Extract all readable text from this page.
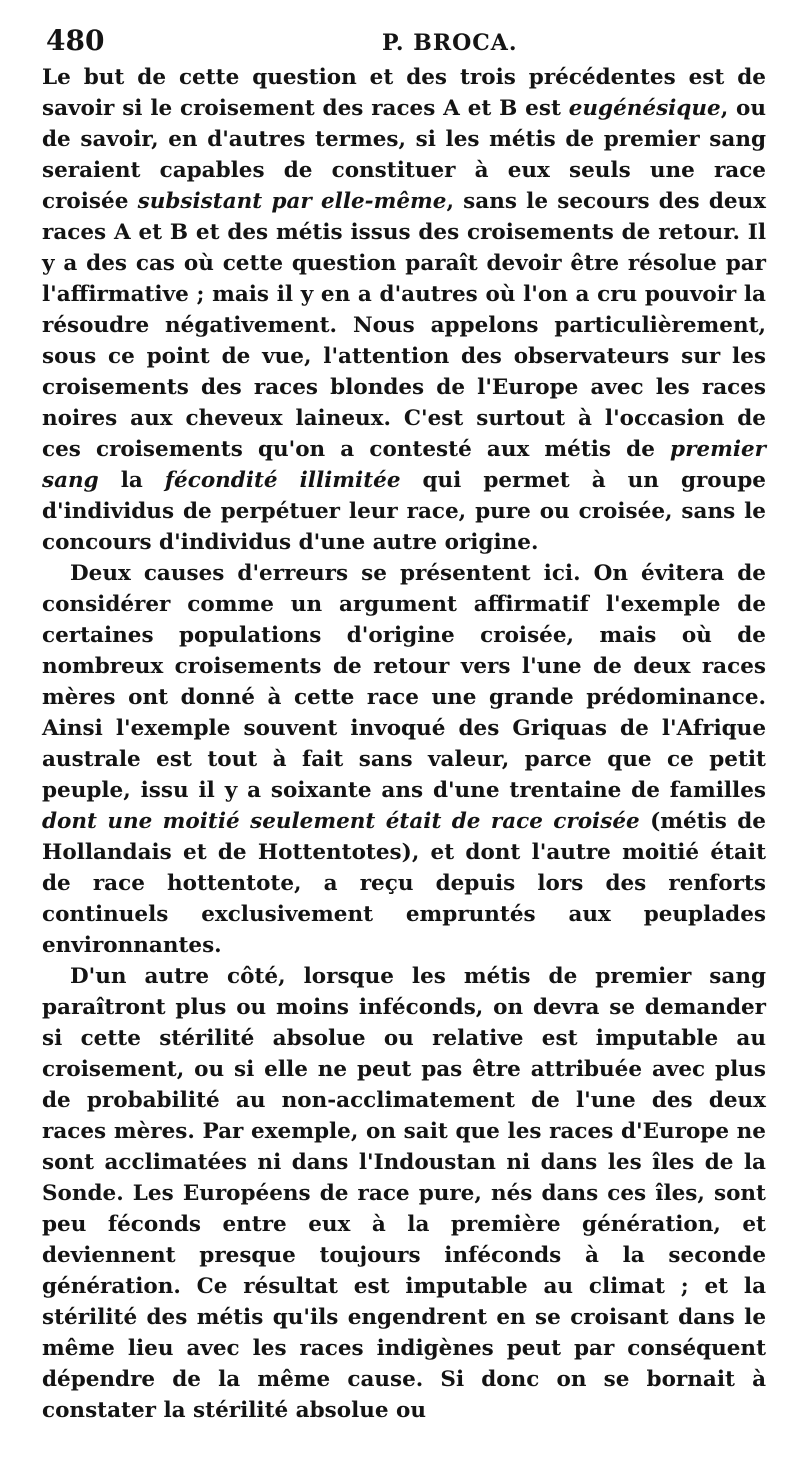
480	P. BROCA.

Le but de cette question et des trois précédentes est de savoir si le croisement des races A et B est eugénésique, ou de savoir, en d'autres termes, si les métis de premier sang seraient capables de constituer à eux seuls une race croisée subsistant par elle-même, sans le secours des deux races A et B et des métis issus des croisements de retour. Il y a des cas où cette question paraît devoir être résolue par l'affirmative ; mais il y en a d'autres où l'on a cru pouvoir la résoudre négativement. Nous appelons particulièrement, sous ce point de vue, l'attention des observateurs sur les croisements des races blondes de l'Europe avec les races noires aux cheveux laineux. C'est surtout à l'occasion de ces croisements qu'on a contesté aux métis de premier sang la fécondité illimitée qui permet à un groupe d'individus de perpétuer leur race, pure ou croisée, sans le concours d'individus d'une autre origine.

Deux causes d'erreurs se présentent ici. On évitera de considérer comme un argument affirmatif l'exemple de certaines populations d'origine croisée, mais où de nombreux croisements de retour vers l'une de deux races mères ont donné à cette race une grande prédominance. Ainsi l'exemple souvent invoqué des Griquas de l'Afrique australe est tout à fait sans valeur, parce que ce petit peuple, issu il y a soixante ans d'une trentaine de familles dont une moitié seulement était de race croisée (métis de Hollandais et de Hottentotes), et dont l'autre moitié était de race hottentote, a reçu depuis lors des renforts continuels exclusivement empruntés aux peuplades environnantes.

D'un autre côté, lorsque les métis de premier sang paraîtront plus ou moins inféconds, on devra se demander si cette stérilité absolue ou relative est imputable au croisement, ou si elle ne peut pas être attribuée avec plus de probabilité au non-acclimatement de l'une des deux races mères. Par exemple, on sait que les races d'Europe ne sont acclimatées ni dans l'Indoustan ni dans les îles de la Sonde. Les Européens de race pure, nés dans ces îles, sont peu féconds entre eux à la première génération, et deviennent presque toujours inféconds à la seconde génération. Ce résultat est imputable au climat ; et la stérilité des métis qu'ils engendrent en se croisant dans le même lieu avec les races indigènes peut par conséquent dépendre de la même cause. Si donc on se bornait à constater la stérilité absolue ou
